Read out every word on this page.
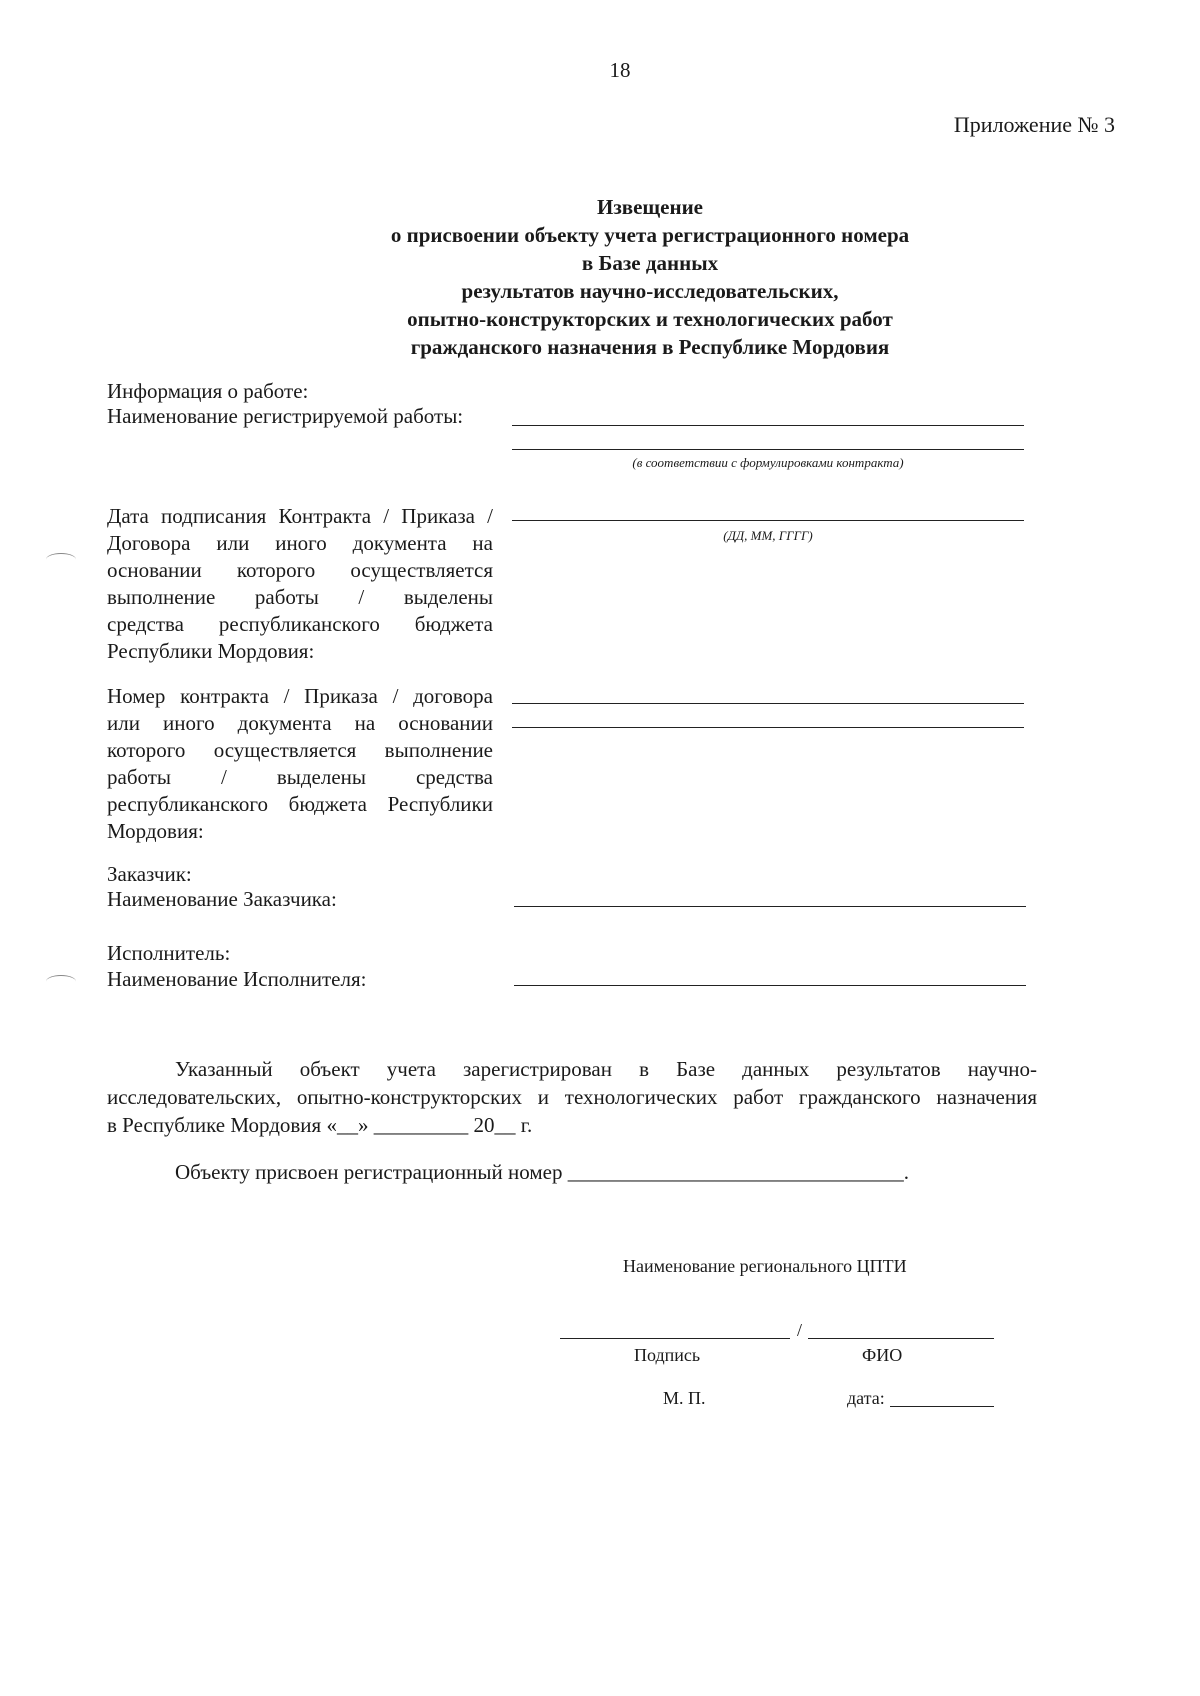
18
Приложение № 3
Извещение
о присвоении объекту учета регистрационного номера
в Базе данных
результатов научно-исследовательских,
опытно-конструкторских и технологических работ
гражданского назначения в Республике Мордовия
Информация о работе:
Наименование регистрируемой работы:
(в соответствии с формулировками контракта)
Дата подписания Контракта / Приказа /
Договора или иного документа на
основании которого осуществляется
выполнение работы / выделены
средства республиканского бюджета
Республики Мордовия:
(ДД, ММ, ГГГГ)
Номер контракта / Приказа / договора
или иного документа на основании
которого осуществляется выполнение
работы / выделены средства
республиканского бюджета Республики
Мордовия:
Заказчик:
Наименование Заказчика:
Исполнитель:
Наименование Исполнителя:
Указанный объект учета зарегистрирован в Базе данных результатов научно-
исследовательских, опытно-конструкторских и технологических работ гражданского назначения
в Республике Мордовия «__» _________ 20__ г.
Объекту присвоен регистрационный номер ________________________________.
Наименование регионального ЦПТИ
/
Подпись	ФИО
М. П.	дата:
